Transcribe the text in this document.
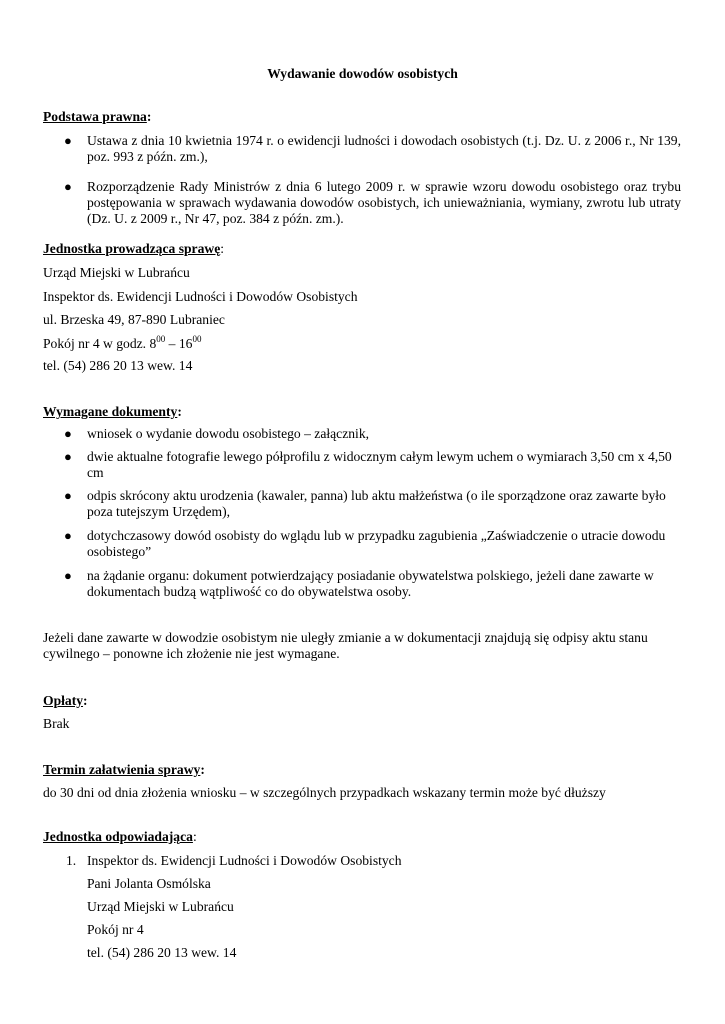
Wydawanie dowodów osobistych
Podstawa prawna:
● Ustawa z dnia 10 kwietnia 1974 r. o ewidencji ludności i dowodach osobistych (t.j. Dz. U. z 2006 r., Nr 139, poz. 993 z późn. zm.),
● Rozporządzenie Rady Ministrów z dnia 6 lutego 2009 r. w sprawie wzoru dowodu osobistego oraz trybu postępowania w sprawach wydawania dowodów osobistych, ich unieważniania, wymiany, zwrotu lub utraty (Dz. U. z 2009 r., Nr 47, poz. 384 z późn. zm.).
Jednostka prowadząca sprawę:
Urząd Miejski w Lubrańcu
Inspektor ds. Ewidencji Ludności i Dowodów Osobistych
ul. Brzeska 49, 87-890 Lubraniec
Pokój nr 4 w godz. $8^{00} - 16^{00}$
tel. (54) 286 20 13 wew. 14
Wymagane dokumenty:
● wniosek o wydanie dowodu osobistego – załącznik,
● dwie aktualne fotografie lewego półprofilu z widocznym całym lewym uchem o wymiarach 3,50 cm x 4,50 cm
● odpis skrócony aktu urodzenia (kawaler, panna) lub aktu małżeństwa (o ile sporządzone oraz zawarte było poza tutejszym Urzędem),
● dotychczasowy dowód osobisty do wglądu lub w przypadku zagubienia „Zaświadczenie o utracie dowodu osobistego”
● na żądanie organu: dokument potwierdzający posiadanie obywatelstwa polskiego, jeżeli dane zawarte w dokumentach budzą wątpliwość co do obywatelstwa osoby.
Jeżeli dane zawarte w dowodzie osobistym nie uległy zmianie a w dokumentacji znajdują się odpisy aktu stanu cywilnego – ponowne ich złożenie nie jest wymagane.
Opłaty:
Brak
Termin załatwienia sprawy:
do 30 dni od dnia złożenia wniosku – w szczególnych przypadkach wskazany termin może być dłuższy
Jednostka odpowiadająca:
1. Inspektor ds. Ewidencji Ludności i Dowodów Osobistych
Pani Jolanta Osmólska
Urząd Miejski w Lubrańcu
Pokój nr 4
tel. (54) 286 20 13 wew. 14
